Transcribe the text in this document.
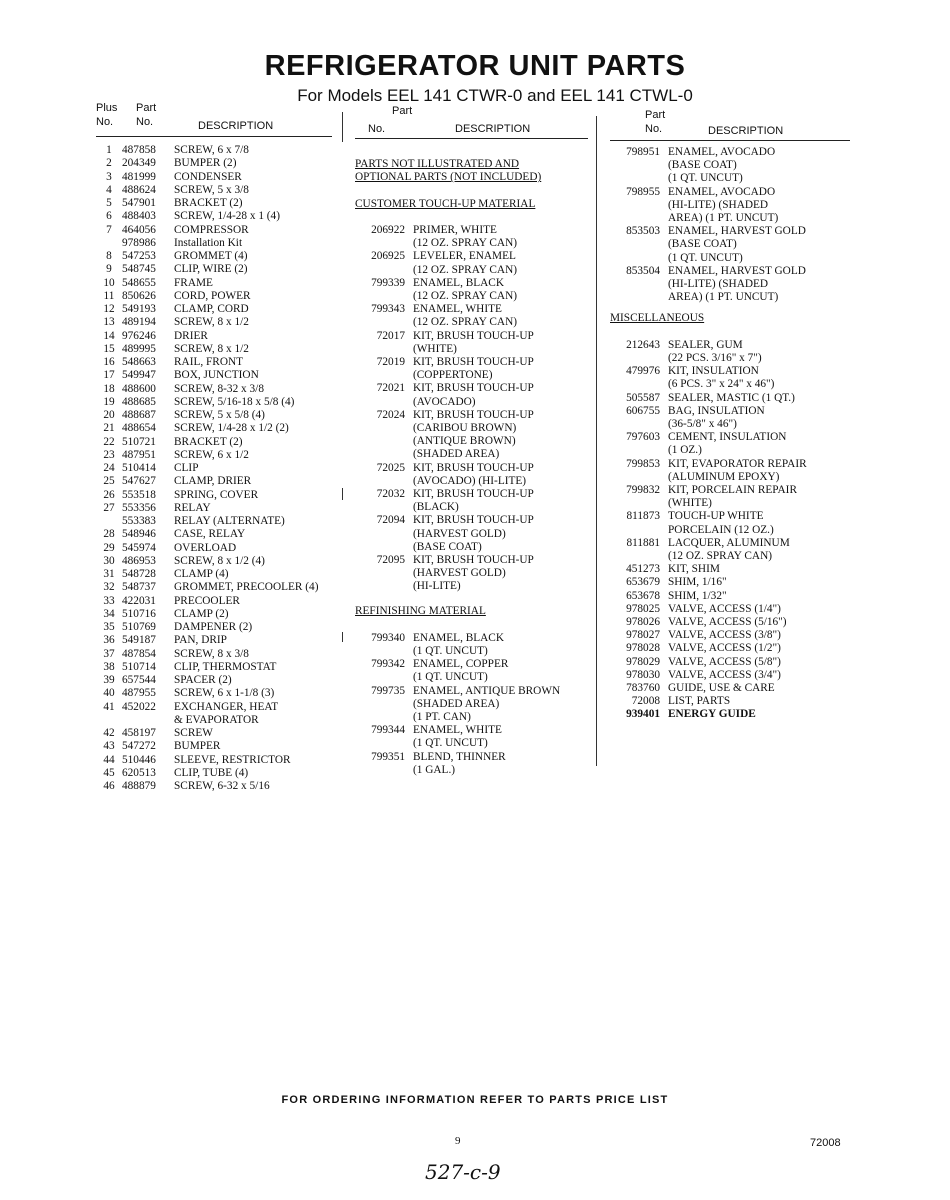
REFRIGERATOR UNIT PARTS
For Models EEL 141 CTWR-0 and EEL 141 CTWL-0
Plus
No.
Part
No.	DESCRIPTION
Part
No.	DESCRIPTION
Part
No.	DESCRIPTION
1 487858	SCREW, 6 x 7/8
2 204349	BUMPER (2)
3 481999	CONDENSER
4 488624	SCREW, 5 x 3/8
5 547901	BRACKET (2)
6 488403	SCREW, 1/4-28 x 1 (4)
7 464056	COMPRESSOR
978986	Installation Kit
8 547253	GROMMET (4)
9 548745	CLIP, WIRE (2)
10 548655	FRAME
11 850626	CORD, POWER
12 549193	CLAMP, CORD
13 489194	SCREW, 8 x 1/2
14 976246	DRIER
15 489995	SCREW, 8 x 1/2
16 548663	RAIL, FRONT
17 549947	BOX, JUNCTION
18 488600	SCREW, 8-32 x 3/8
19 488685	SCREW, 5/16-18 x 5/8 (4)
20 488687	SCREW, 5 x 5/8 (4)
21 488654	SCREW, 1/4-28 x 1/2 (2)
22 510721	BRACKET (2)
23 487951	SCREW, 6 x 1/2
24 510414	CLIP
25 547627	CLAMP, DRIER
26 553518	SPRING, COVER
27 553356	RELAY
553383	RELAY (ALTERNATE)
28 548946	CASE, RELAY
29 545974	OVERLOAD
30 486953	SCREW, 8 x 1/2 (4)
31 548728	CLAMP (4)
32 548737	GROMMET, PRECOOLER (4)
33 422031	PRECOOLER
34 510716	CLAMP (2)
35 510769	DAMPENER (2)
36 549187	PAN, DRIP
37 487854	SCREW, 8 x 3/8
38 510714	CLIP, THERMOSTAT
39 657544	SPACER (2)
40 487955	SCREW, 6 x 1-1/8 (3)
41 452022	EXCHANGER, HEAT
& EVAPORATOR
42 458197	SCREW
43 547272	BUMPER
44 510446	SLEEVE, RESTRICTOR
45 620513	CLIP, TUBE (4)
46 488879	SCREW, 6-32 x 5/16
PARTS NOT ILLUSTRATED AND
OPTIONAL PARTS (NOT INCLUDED)
CUSTOMER TOUCH-UP MATERIAL
206922 PRIMER, WHITE
(12 OZ. SPRAY CAN)
206925 LEVELER, ENAMEL
(12 OZ. SPRAY CAN)
799339 ENAMEL, BLACK
(12 OZ. SPRAY CAN)
799343 ENAMEL, WHITE
(12 OZ. SPRAY CAN)
72017 KIT, BRUSH TOUCH-UP
(WHITE)
72019 KIT, BRUSH TOUCH-UP
(COPPERTONE)
72021 KIT, BRUSH TOUCH-UP
(AVOCADO)
72024 KIT, BRUSH TOUCH-UP
(CARIBOU BROWN)
(ANTIQUE BROWN)
(SHADED AREA)
72025 KIT, BRUSH TOUCH-UP
(AVOCADO) (HI-LITE)
72032 KIT, BRUSH TOUCH-UP
(BLACK)
72094 KIT, BRUSH TOUCH-UP
(HARVEST GOLD)
(BASE COAT)
72095 KIT, BRUSH TOUCH-UP
(HARVEST GOLD)
(HI-LITE)
REFINISHING MATERIAL
799340 ENAMEL, BLACK
(1 QT. UNCUT)
799342 ENAMEL, COPPER
(1 QT. UNCUT)
799735 ENAMEL, ANTIQUE BROWN
(SHADED AREA)
(1 PT. CAN)
799344 ENAMEL, WHITE
(1 QT. UNCUT)
799351 BLEND, THINNER
(1 GAL.)
798951 ENAMEL, AVOCADO
(BASE COAT)
(1 QT. UNCUT)
798955 ENAMEL, AVOCADO
(HI-LITE) (SHADED
AREA) (1 PT. UNCUT)
853503 ENAMEL, HARVEST GOLD
(BASE COAT)
(1 QT. UNCUT)
853504 ENAMEL, HARVEST GOLD
(HI-LITE) (SHADED
AREA) (1 PT. UNCUT)
MISCELLANEOUS
212643 SEALER, GUM
(22 PCS. 3/16" x 7")
479976 KIT, INSULATION
(6 PCS. 3" x 24" x 46")
505587 SEALER, MASTIC (1 QT.)
606755 BAG, INSULATION
(36-5/8" x 46")
797603 CEMENT, INSULATION
(1 OZ.)
799853 KIT, EVAPORATOR REPAIR
(ALUMINUM EPOXY)
799832 KIT, PORCELAIN REPAIR
(WHITE)
811873 TOUCH-UP WHITE
PORCELAIN (12 OZ.)
811881 LACQUER, ALUMINUM
(12 OZ. SPRAY CAN)
451273 KIT, SHIM
653679 SHIM, 1/16"
653678 SHIM, 1/32"
978025 VALVE, ACCESS (1/4")
978026 VALVE, ACCESS (5/16")
978027 VALVE, ACCESS (3/8")
978028 VALVE, ACCESS (1/2")
978029 VALVE, ACCESS (5/8")
978030 VALVE, ACCESS (3/4")
783760 GUIDE, USE & CARE
72008 LIST, PARTS
939401 ENERGY GUIDE
FOR ORDERING INFORMATION REFER TO PARTS PRICE LIST
9	72008
527-c-9
